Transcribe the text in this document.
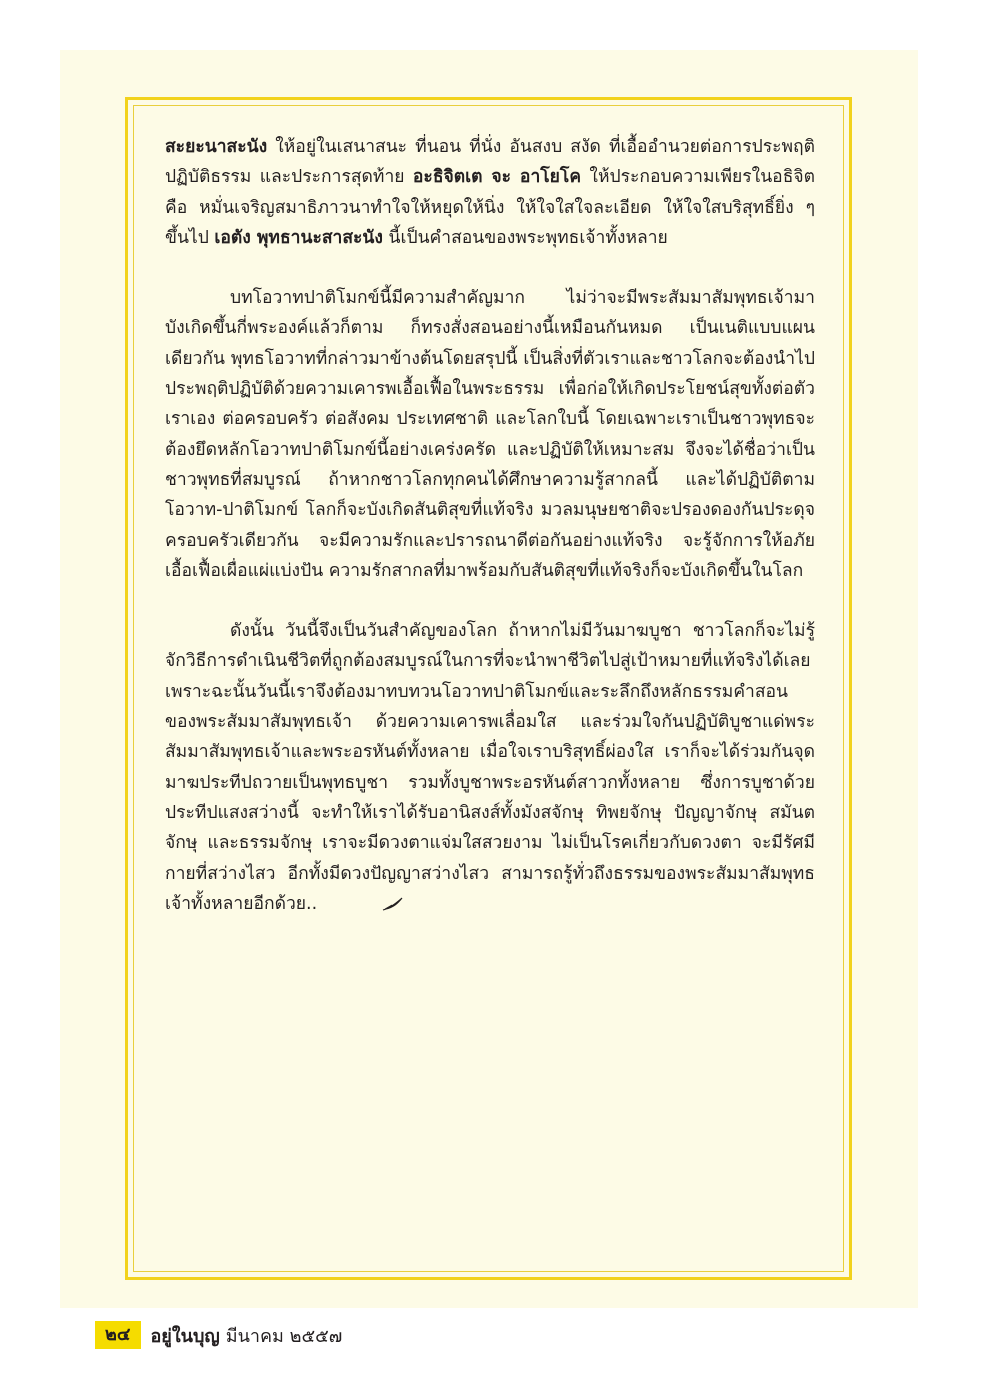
สะยะนาสะนัง ให้อยู่ในเสนาสนะ ที่นอน ที่นั่ง อันสงบ สงัด ที่เอื้ออำนวยต่อการประพฤติปฏิบัติธรรม และประการสุดท้าย อะธิจิตเต จะ อาโยโค ให้ประกอบความเพียรในอธิจิต คือ หมั่นเจริญสมาธิภาวนาทำใจให้หยุดให้นิ่ง ให้ใจใสใจละเอียด ให้ใจใสบริสุทธิ์ยิ่ง ๆ ขึ้นไป เอตัง พุทธานะสาสะนัง นี้เป็นคำสอนของพระพุทธเจ้าทั้งหลาย

บทโอวาทปาติโมกข์นี้มีความสำคัญมาก ไม่ว่าจะมีพระสัมมาสัมพุทธเจ้ามาบังเกิดขึ้นกี่พระองค์แล้วก็ตาม ก็ทรงสั่งสอนอย่างนี้เหมือนกันหมด เป็นเนติแบบแผนเดียวกัน พุทธโอวาทที่กล่าวมาข้างต้นโดยสรุปนี้ เป็นสิ่งที่ตัวเราและชาวโลกจะต้องนำไปประพฤติปฏิบัติด้วยความเคารพเอื้อเฟื้อในพระธรรม เพื่อก่อให้เกิดประโยชน์สุขทั้งต่อตัวเราเอง ต่อครอบครัว ต่อสังคม ประเทศชาติ และโลกใบนี้ โดยเฉพาะเราเป็นชาวพุทธจะต้องยึดหลักโอวาทปาติโมกข์นี้อย่างเคร่งครัด และปฏิบัติให้เหมาะสม จึงจะได้ชื่อว่าเป็นชาวพุทธที่สมบูรณ์ ถ้าหากชาวโลกทุกคนได้ศึกษาความรู้สากลนี้ และได้ปฏิบัติตามโอวาท-ปาติโมกข์ โลกก็จะบังเกิดสันติสุขที่แท้จริง มวลมนุษยชาติจะปรองดองกันประดุจครอบครัวเดียวกัน จะมีความรักและปรารถนาดีต่อกันอย่างแท้จริง จะรู้จักการให้อภัย เอื้อเฟื้อเผื่อแผ่แบ่งปัน ความรักสากลที่มาพร้อมกับสันติสุขที่แท้จริงก็จะบังเกิดขึ้นในโลก

ดังนั้น วันนี้จึงเป็นวันสำคัญของโลก ถ้าหากไม่มีวันมาฆบูชา ชาวโลกก็จะไม่รู้จักวิธีการดำเนินชีวิตที่ถูกต้องสมบูรณ์ในการที่จะนำพาชีวิตไปสู่เป้าหมายที่แท้จริงได้เลย เพราะฉะนั้นวันนี้เราจึงต้องมาทบทวนโอวาทปาติโมกข์และระลึกถึงหลักธรรมคำสอนของพระสัมมาสัมพุทธเจ้า ด้วยความเคารพเลื่อมใส และร่วมใจกันปฏิบัติบูชาแด่พระสัมมาสัมพุทธเจ้าและพระอรหันต์ทั้งหลาย เมื่อใจเราบริสุทธิ์ผ่องใส เราก็จะได้ร่วมกันจุดมาฆประทีปถวายเป็นพุทธบูชา รวมทั้งบูชาพระอรหันต์สาวกทั้งหลาย ซึ่งการบูชาด้วยประทีปแสงสว่างนี้ จะทำให้เราได้รับอานิสงส์ทั้งมังสจักษุ ทิพยจักษุ ปัญญาจักษุ สมันตจักษุ และธรรมจักษุ เราจะมีดวงตาแจ่มใสสวยงาม ไม่เป็นโรคเกี่ยวกับดวงตา จะมีรัศมีกายที่สว่างไสว อีกทั้งมีดวงปัญญาสว่างไสว สามารถรู้ทั่วถึงธรรมของพระสัมมาสัมพุทธเจ้าทั้งหลายอีกด้วย..

๒๔	อยู่ในบุญ มีนาคม ๒๕๕๗
